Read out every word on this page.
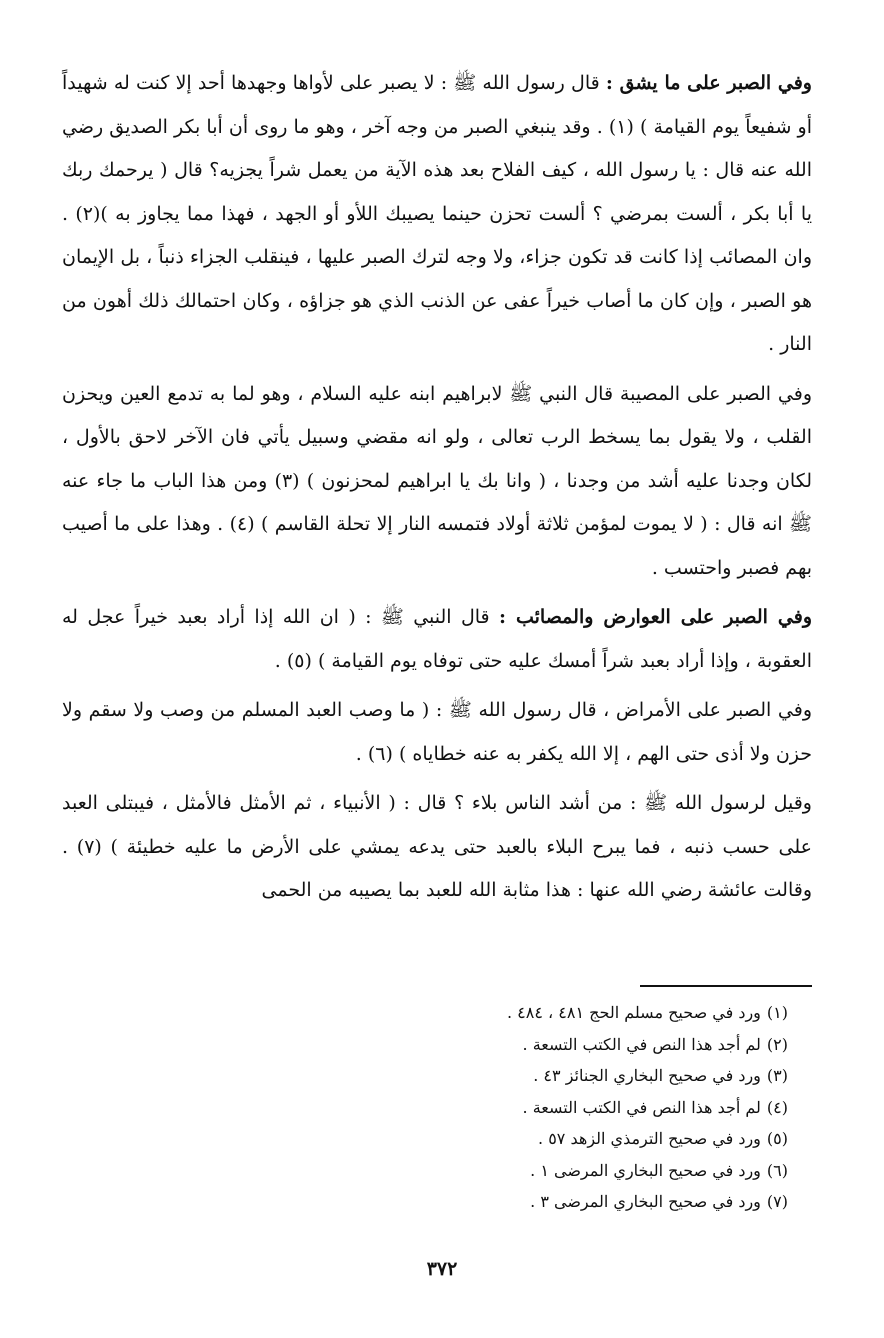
وفي الصبر على ما يشق : قال رسول الله ﷺ : لا يصبر على لأواها وجهدها أحد إلا كنت له شهيداً أو شفيعاً يوم القيامة ) (١) . وقد ينبغي الصبر من وجه آخر ، وهو ما روى أن أبا بكر الصديق رضي الله عنه قال : يا رسول الله ، كيف الفلاح بعد هذه الآية من يعمل شراً يجزيه؟ قال ( يرحمك ربك يا أبا بكر ، ألست بمرضي ؟ ألست تحزن حينما يصيبك اللأو أو الجهد ، فهذا مما يجاوز به )(٢) . وان المصائب إذا كانت قد تكون جزاء، ولا وجه لترك الصبر عليها ، فينقلب الجزاء ذنباً ، بل الإيمان هو الصبر ، وإن كان ما أصاب خيراً عفى عن الذنب الذي هو جزاؤه ، وكان احتمالك ذلك أهون من النار .

وفي الصبر على المصيبة قال النبي ﷺ لابراهيم ابنه عليه السلام ، وهو لما به تدمع العين ويحزن القلب ، ولا يقول بما يسخط الرب تعالى ، ولو انه مقضي وسبيل يأتي فان الآخر لاحق بالأول ، لكان وجدنا عليه أشد من وجدنا ، ( وانا بك يا ابراهيم لمحزنون ) (٣) ومن هذا الباب ما جاء عنه ﷺ انه قال : ( لا يموت لمؤمن ثلاثة أولاد فتمسه النار إلا تحلة القاسم ) (٤) . وهذا على ما أصيب بهم فصبر واحتسب .

وفي الصبر على العوارض والمصائب : قال النبي ﷺ : ( ان الله إذا أراد بعبد خيراً عجل له العقوبة ، وإذا أراد بعبد شراً أمسك عليه حتى توفاه يوم القيامة ) (٥) .

وفي الصبر على الأمراض ، قال رسول الله ﷺ : ( ما وصب العبد المسلم من وصب ولا سقم ولا حزن ولا أذى حتى الهم ، إلا الله يكفر به عنه خطاياه ) (٦) .

وقيل لرسول الله ﷺ : من أشد الناس بلاء ؟ قال : ( الأنبياء ، ثم الأمثل فالأمثل ، فيبتلى العبد على حسب ذنبه ، فما يبرح البلاء بالعبد حتى يدعه يمشي على الأرض ما عليه خطيئة ) (٧) . وقالت عائشة رضي الله عنها : هذا مثابة الله للعبد بما يصيبه من الحمى

(١)ورد في صحيح مسلم الحج ٤٨١ ، ٤٨٤ .
(٢)لم أجد هذا النص في الكتب التسعة .
(٣)ورد في صحيح البخاري الجنائز ٤٣ .
(٤)لم أجد هذا النص في الكتب التسعة .
(٥)ورد في صحيح الترمذي الزهد ٥٧ .
(٦)ورد في صحيح البخاري المرضى ١ .
(٧)ورد في صحيح البخاري المرضى ٣ .
٣٧٢
